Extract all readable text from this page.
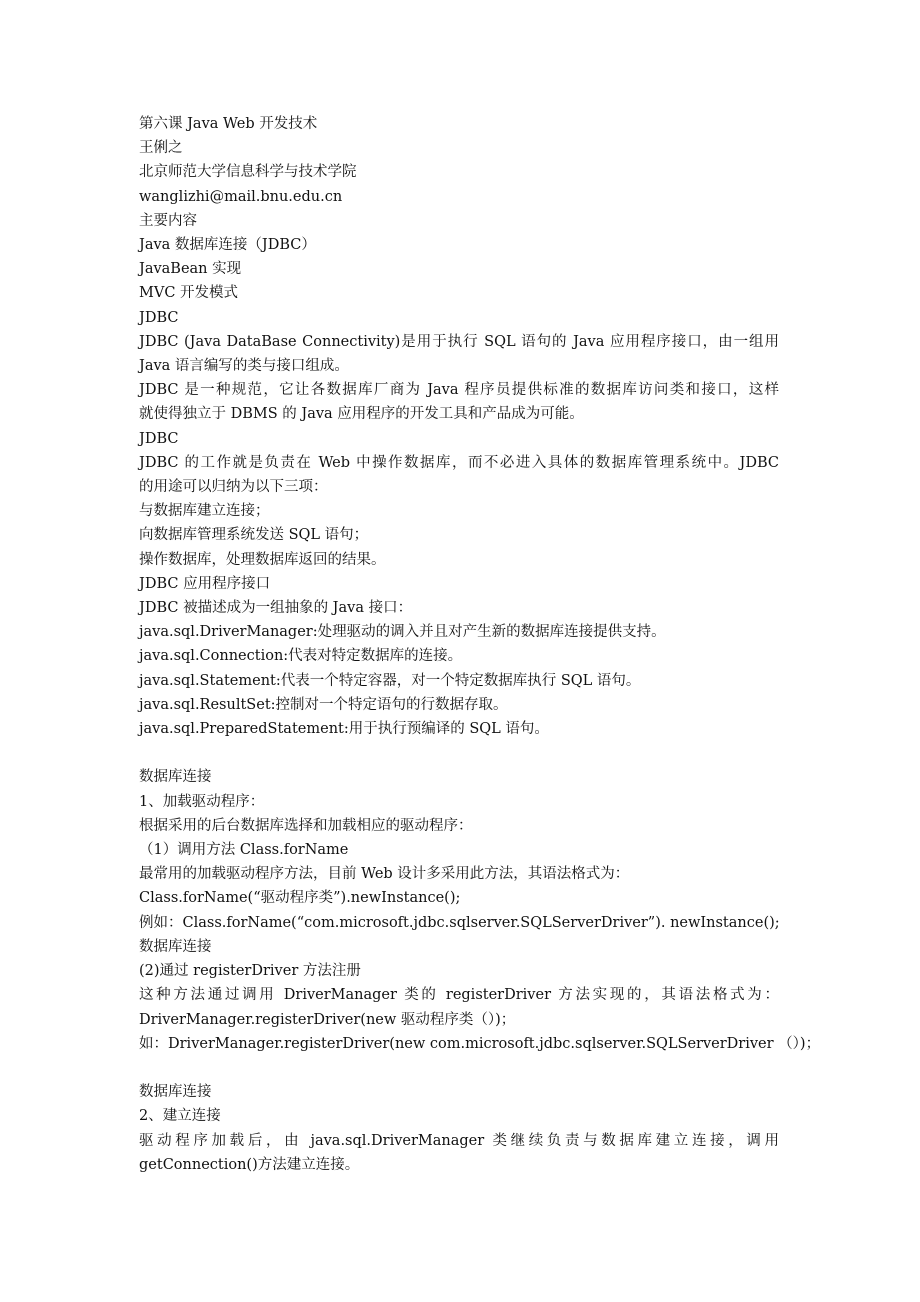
第六课 Java Web 开发技术
王俐之
北京师范大学信息科学与技术学院
wanglizhi@mail.bnu.edu.cn
主要内容
Java 数据库连接（JDBC）
JavaBean 实现
MVC 开发模式
JDBC
JDBC (Java DataBase Connectivity)是用于执行 SQL 语句的 Java 应用程序接口，由一组用
Java 语言编写的类与接口组成。
JDBC 是一种规范，它让各数据库厂商为 Java 程序员提供标准的数据库访问类和接口，这样
就使得独立于 DBMS 的 Java 应用程序的开发工具和产品成为可能。
JDBC
JDBC 的工作就是负责在 Web 中操作数据库，而不必进入具体的数据库管理系统中。JDBC
的用途可以归纳为以下三项：
与数据库建立连接；
向数据库管理系统发送 SQL 语句；
操作数据库，处理数据库返回的结果。
JDBC 应用程序接口
JDBC 被描述成为一组抽象的 Java 接口：
java.sql.DriverManager:处理驱动的调入并且对产生新的数据库连接提供支持。
java.sql.Connection:代表对特定数据库的连接。
java.sql.Statement:代表一个特定容器，对一个特定数据库执行 SQL 语句。
java.sql.ResultSet:控制对一个特定语句的行数据存取。
java.sql.PreparedStatement:用于执行预编译的 SQL 语句。
数据库连接
1、加载驱动程序：
根据采用的后台数据库选择和加载相应的驱动程序：
（1）调用方法 Class.forName
最常用的加载驱动程序方法，目前 Web 设计多采用此方法，其语法格式为：
Class.forName(“驱动程序类”).newInstance();
例如：Class.forName(“com.microsoft.jdbc.sqlserver.SQLServerDriver”). newInstance();
数据库连接
(2)通过 registerDriver 方法注册
这种方法通过调用 DriverManager 类的 registerDriver 方法实现的，其语法格式为：
DriverManager.registerDriver(new 驱动程序类（）)；
如：DriverManager.registerDriver(new com.microsoft.jdbc.sqlserver.SQLServerDriver （）)；
数据库连接
2、建立连接
驱动程序加载后，由 java.sql.DriverManager 类继续负责与数据库建立连接，调用
getConnection()方法建立连接。
